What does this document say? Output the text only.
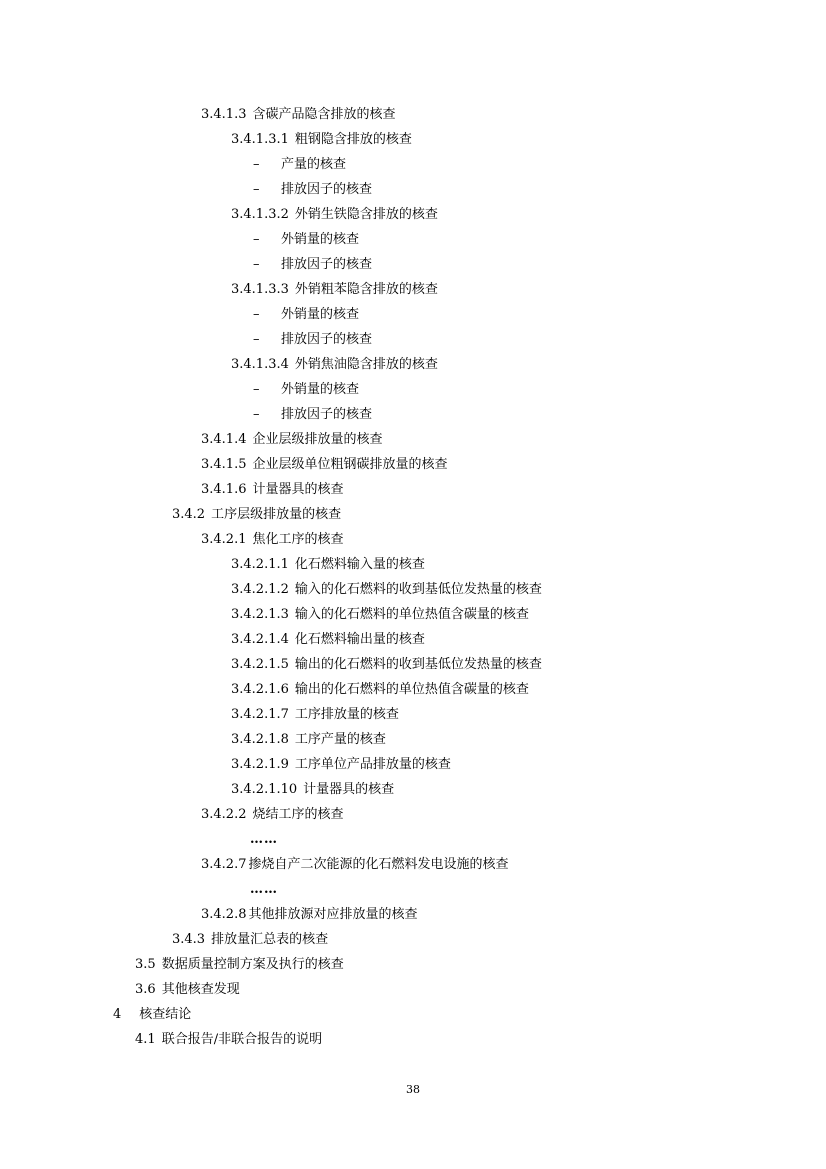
3.4.1.3 含碳产品隐含排放的核查
3.4.1.3.1 粗钢隐含排放的核查
– 产量的核查
– 排放因子的核查
3.4.1.3.2 外销生铁隐含排放的核查
– 外销量的核查
– 排放因子的核查
3.4.1.3.3 外销粗苯隐含排放的核查
– 外销量的核查
– 排放因子的核查
3.4.1.3.4 外销焦油隐含排放的核查
– 外销量的核查
– 排放因子的核查
3.4.1.4 企业层级排放量的核查
3.4.1.5 企业层级单位粗钢碳排放量的核查
3.4.1.6 计量器具的核查
3.4.2 工序层级排放量的核查
3.4.2.1 焦化工序的核查
3.4.2.1.1 化石燃料输入量的核查
3.4.2.1.2 输入的化石燃料的收到基低位发热量的核查
3.4.2.1.3 输入的化石燃料的单位热值含碳量的核查
3.4.2.1.4 化石燃料输出量的核查
3.4.2.1.5 输出的化石燃料的收到基低位发热量的核查
3.4.2.1.6 输出的化石燃料的单位热值含碳量的核查
3.4.2.1.7 工序排放量的核查
3.4.2.1.8 工序产量的核查
3.4.2.1.9 工序单位产品排放量的核查
3.4.2.1.10 计量器具的核查
3.4.2.2 烧结工序的核查
……
3.4.2.7 掺烧自产二次能源的化石燃料发电设施的核查
……
3.4.2.8 其他排放源对应排放量的核查
3.4.3 排放量汇总表的核查
3.5 数据质量控制方案及执行的核查
3.6 其他核查发现
4 核查结论
4.1 联合报告/非联合报告的说明
38
